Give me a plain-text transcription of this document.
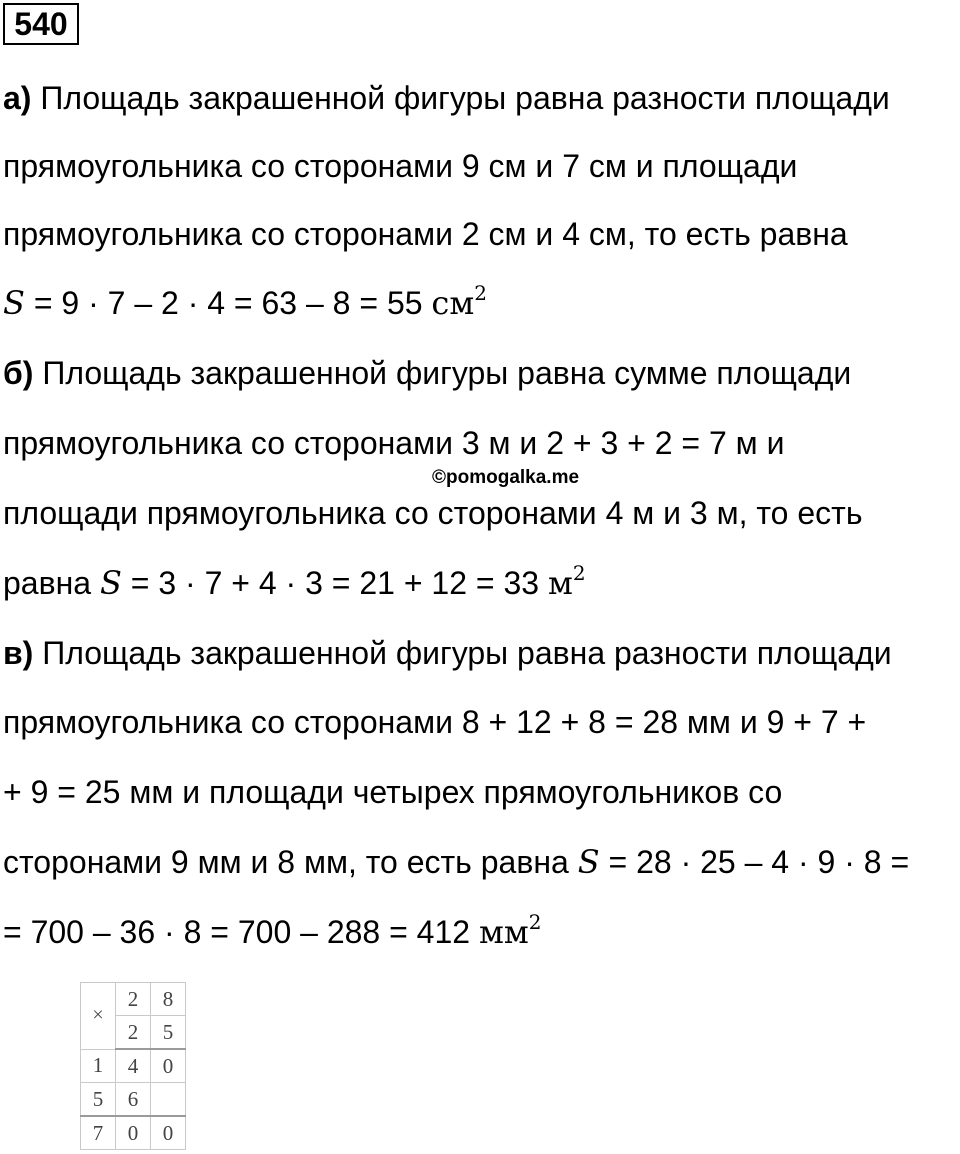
540
а) Площадь закрашенной фигуры равна разности площади
прямоугольника со сторонами 9 см и 7 см и площади
прямоугольника со сторонами 2 см и 4 см, то есть равна
S = 9 · 7 – 2 · 4 = 63 – 8 = 55 $см^2$
б) Площадь закрашенной фигуры равна сумме площади
прямоугольника со сторонами 3 м и 2 + 3 + 2 = 7 м и
©pomogalka.me
площади прямоугольника со сторонами 4 м и 3 м, то есть
равна S = 3 · 7 + 4 · 3 = 21 + 12 = 33 $м^2$
в) Площадь закрашенной фигуры равна разности площади
прямоугольника со сторонами 8 + 12 + 8 = 28 мм и 9 + 7 +
+ 9 = 25 мм и площади четырех прямоугольников со
сторонами 9 мм и 8 мм, то есть равна S = 28 · 25 – 4 · 9 · 8 =
= 700 – 36 · 8 = 700 – 288 = 412 $мм^2$
×	2	8
	2	5
1	4	0
5	6	
7	0	0
